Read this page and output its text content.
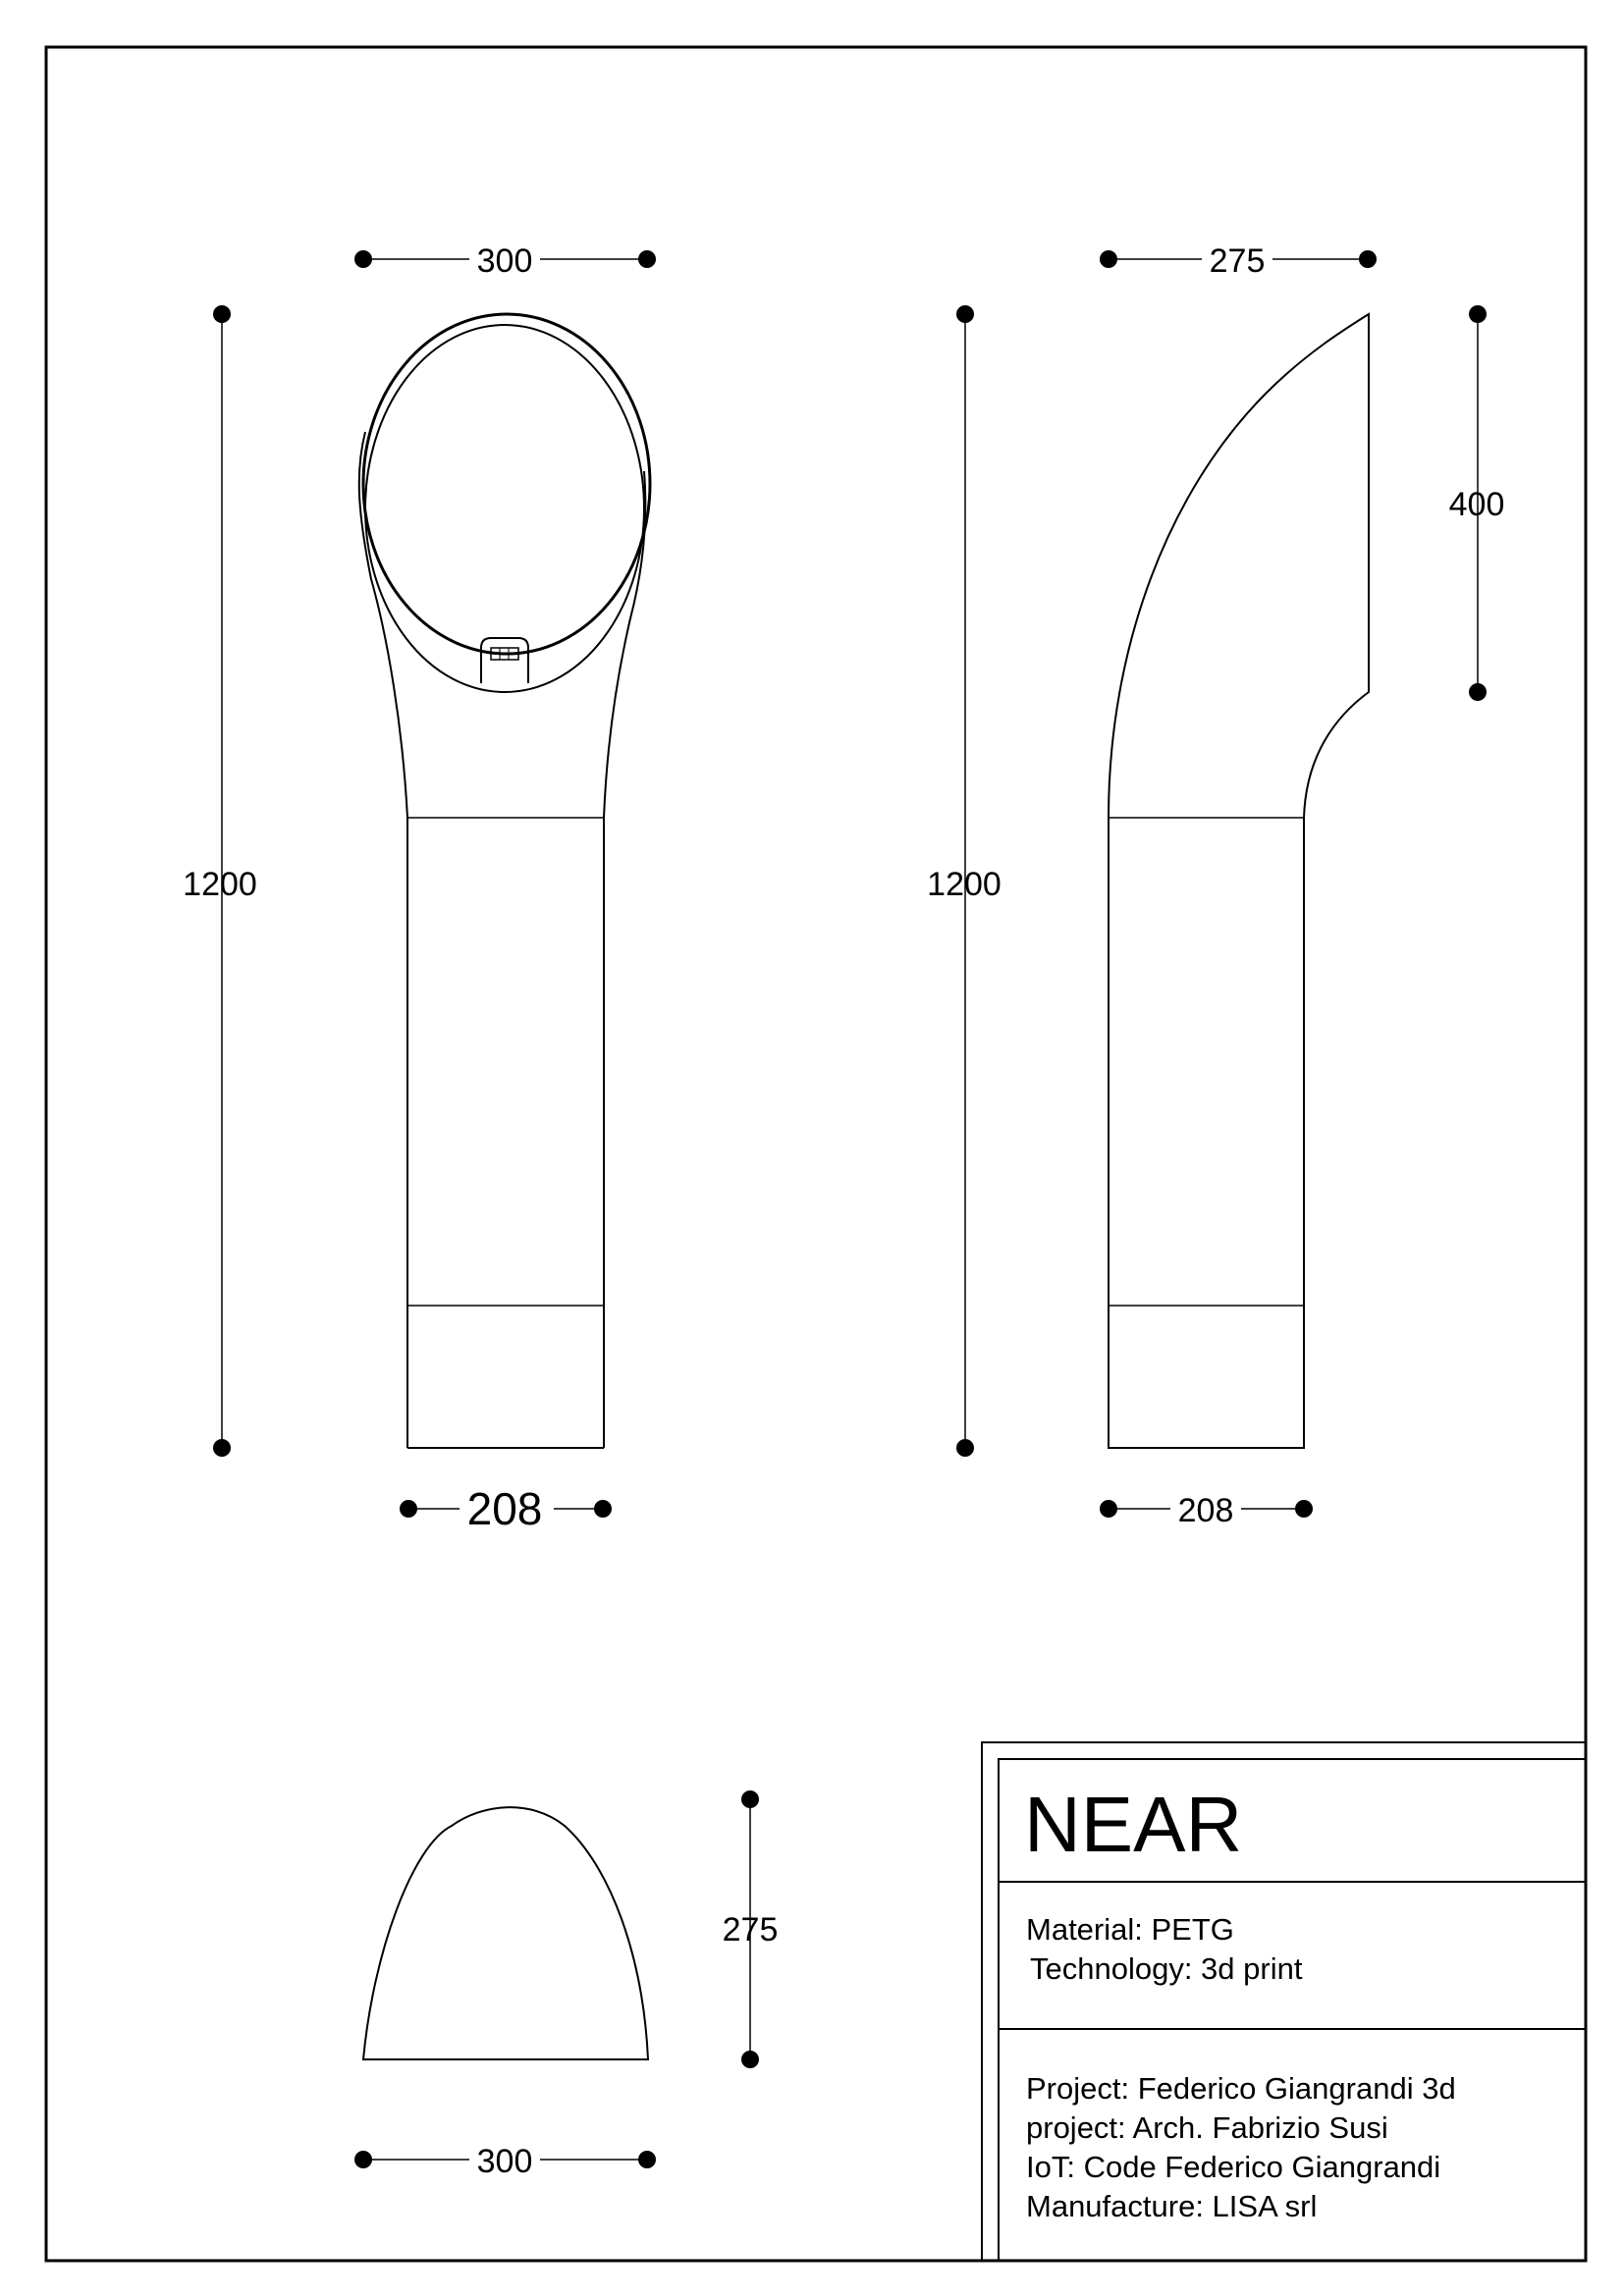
300
1200
208
275
1200
400
208
275
300
NEAR
Material: PETG
Technology: 3d print
Project: Federico Giangrandi 3d
project: Arch. Fabrizio Susi
IoT: Code Federico Giangrandi
Manufacture: LISA srl
